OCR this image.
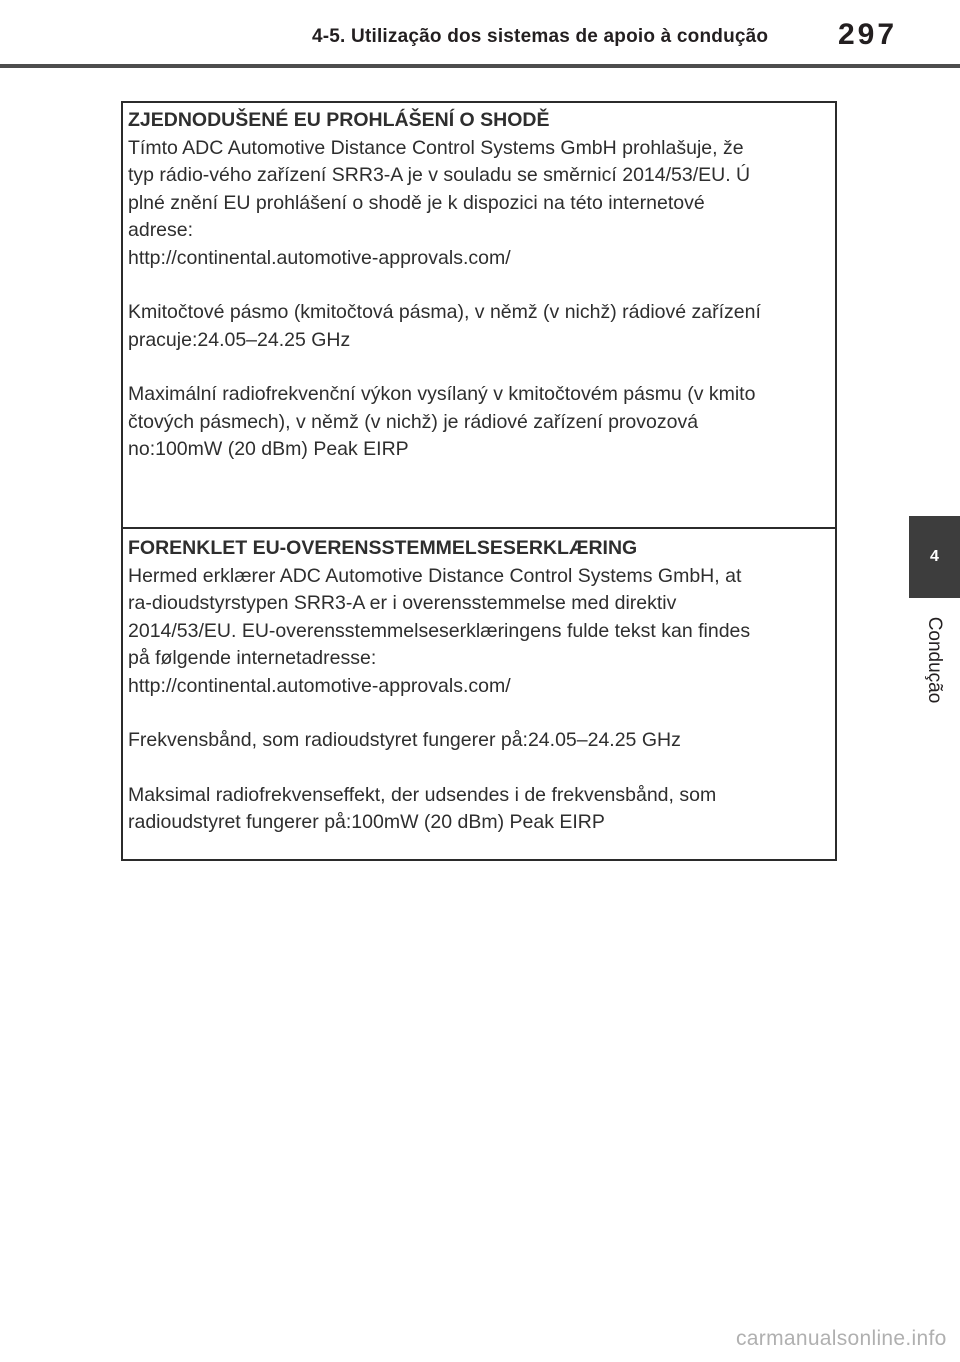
4-5. Utilização dos sistemas de apoio à condução 297
4
Condução

ZJEDNODUŠENÉ EU PROHLÁŠENÍ O SHODĚ

Tímto ADC Automotive Distance Control Systems GmbH prohlašuje, že
typ rádio-vého zařízení SRR3-A je v souladu se směrnicí 2014/53/EU. Ú
plné znění EU prohlášení o shodě je k dispozici na této internetové
adrese:
http://continental.automotive-approvals.com/

Kmitočtové pásmo (kmitočtová pásma), v němž (v nichž) rádiové zařízení
pracuje:24.05–24.25 GHz

Maximální radiofrekvenční výkon vysílaný v kmitočtovém pásmu (v kmito
čtových pásmech), v němž (v nichž) je rádiové zařízení provozová
no:100mW (20 dBm) Peak EIRP

FORENKLET EU-OVERENSSTEMMELSESERKLÆRING

Hermed erklærer ADC Automotive Distance Control Systems GmbH, at
ra-dioudstyrstypen SRR3-A er i overensstemmelse med direktiv
2014/53/EU. EU-overensstemmelseserklæringens fulde tekst kan findes
på følgende internetadresse:
http://continental.automotive-approvals.com/

Frekvensbånd, som radioudstyret fungerer på:24.05–24.25 GHz

Maksimal radiofrekvenseffekt, der udsendes i de frekvensbånd, som
radioudstyret fungerer på:100mW (20 dBm) Peak EIRP

carmanualsonline.info
